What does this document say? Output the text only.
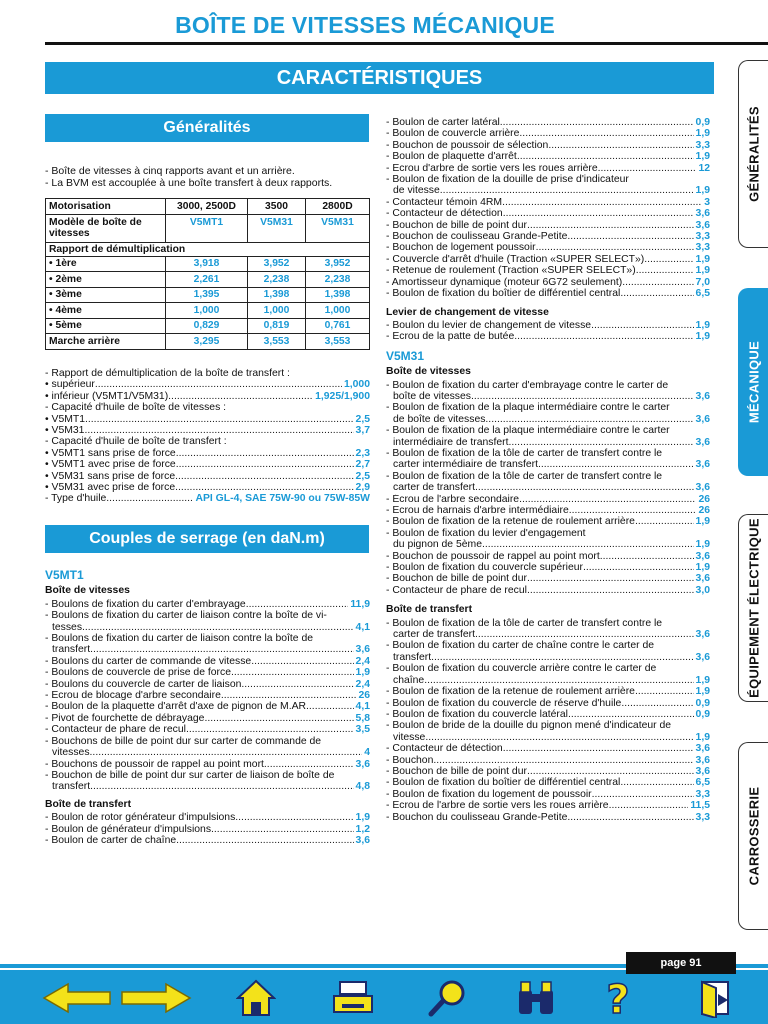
BOÎTE DE VITESSES MÉCANIQUE
CARACTÉRISTIQUES
Généralités
Couples de serrage (en daN.m)
- Boîte de vitesses à cinq rapports avant et un arrière.
- La BVM est accouplée à une boîte transfert à deux rapports.
Motorisation	3000, 2500D	3500	2800D
Modèle de boîte de vitesses	V5MT1	V5M31	V5M31
Rapport de démultiplication			
• 1ère	3,918	3,952	3,952
• 2ème	2,261	2,238	2,238
• 3ème	1,395	1,398	1,398
• 4ème	1,000	1,000	1,000
• 5ème	0,829	0,819	0,761
Marche arrière	3,295	3,553	3,553
- Rapport de démultiplication de la boîte de transfert :
• supérieur .....	1,000
• inférieur (V5MT1/V5M31) .....	1,925/1,900
- Capacité d'huile de boîte de vitesses :
• V5MT1 .....	2,5
• V5M31 .....	3,7
- Capacité d'huile de boîte de transfert :
• V5MT1 sans prise de force .....	2,3
• V5MT1 avec prise de force .....	2,7
• V5M31 sans prise de force .....	2,5
• V5M31 avec prise de force .....	2,9
- Type d'huile............ .....	API GL-4, SAE 75W-90 ou 75W-85W
V5MT1
Boîte de vitesses
- Boulons de fixation du carter d'embrayage .....	11,9
- Boulons de fixation du carter de liaison contre la boîte de vi-
tesses .....	4,1
- Boulons de fixation du carter de liaison contre la boîte de
transfert .....	3,6
- Boulons du carter de commande de vitesse .....	2,4
- Boulons de couvercle de prise de force .....	1,9
- Boulons du couvercle de carter de liaison .....	2,4
- Ecrou de blocage d'arbre secondaire .....	26
- Boulon de la plaquette d'arrêt d'axe de pignon de M.AR .....	4,1
- Pivot de fourchette de débrayage .....	5,8
- Contacteur de phare de recul .....	3,5
- Bouchons de bille de point dur sur carter de commande de
vitesses .....	4
- Bouchons de poussoir de rappel au point mort .....	3,6
- Bouchon de bille de point dur sur carter de liaison de boîte de
transfert .....	4,8
Boîte de transfert
- Boulon de rotor générateur d'impulsions .....	1,9
- Boulon de générateur d'impulsions .....	1,2
- Boulon de carter de chaîne .....	3,6
- Boulon de carter latéral .....	0,9
- Boulon de couvercle arrière .....	1,9
- Bouchon de poussoir de sélection .....	3,3
- Boulon de plaquette d'arrêt .....	1,9
- Ecrou d'arbre de sortie vers les roues arrière .....	12
- Boulon de fixation de la douille de prise d'indicateur
de vitesse .....	1,9
- Contacteur témoin 4RM .....	3
- Contacteur de détection .....	3,6
- Bouchon de bille de point dur .....	3,6
- Bouchon de coulisseau Grande-Petite .....	3,3
- Bouchon de logement poussoir .....	3,3
- Couvercle d'arrêt d'huile (Traction «SUPER SELECT») .....	1,9
- Retenue de roulement (Traction «SUPER SELECT») .....	1,9
- Amortisseur dynamique (moteur 6G72 seulement) .....	7,0
- Boulon de fixation du boîtier de différentiel central .....	6,5
Levier de changement de vitesse
- Boulon du levier de changement de vitesse .....	1,9
- Ecrou de la patte de butée .....	1,9
V5M31
Boîte de vitesses
- Boulon de fixation du carter d'embrayage contre le carter de
boîte de vitesses .....	3,6
- Boulon de fixation de la plaque intermédiaire contre le carter
de boîte de vitesses .....	3,6
- Boulon de fixation de la plaque intermédiaire contre le carter
intermédiaire de transfert .....	3,6
- Boulon de fixation de la tôle de carter de transfert contre le
carter intermédiaire de transfert .....	3,6
- Boulon de fixation de la tôle de carter de transfert contre le
carter de transfert .....	3,6
- Écrou de l'arbre secondaire .....	26
- Ecrou de harnais d'arbre intermédiaire .....	26
- Boulon de fixation de la retenue de roulement arrière .....	1,9
- Boulon de fixation du levier d'engagement
du pignon de 5ème .....	1,9
- Bouchon de poussoir de rappel au point mort .....	3,6
- Boulon de fixation du couvercle supérieur .....	1,9
- Bouchon de bille de point dur .....	3,6
- Contacteur de phare de recul .....	3,0
Boîte de transfert
- Boulon de fixation de la tôle de carter de transfert contre le
carter de transfert .....	3,6
- Boulon de fixation du carter de chaîne contre le carter de
transfert .....	3,6
- Boulon de fixation du couvercle arrière contre le carter de
chaîne .....	1,9
- Boulon de fixation de la retenue de roulement arrière .....	1,9
- Boulon de fixation du couvercle de réserve d'huile .....	0,9
- Boulon de fixation du couvercle latéral .....	0,9
- Boulon de bride de la douille du pignon mené d'indicateur de
vitesse .....	1,9
- Contacteur de détection .....	3,6
- Bouchon .....	3,6
- Bouchon de bille de point dur .....	3,6
- Boulon de fixation du boîtier de différentiel central .....	6,5
- Boulon de fixation du logement de poussoir .....	3,3
- Ecrou de l'arbre de sortie vers les roues arrière .....	11,5
- Bouchon du coulisseau Grande-Petite .....	3,3
GÉNÉRALITÉS
MÉCANIQUE
ÉQUIPEMENT ÉLECTRIQUE
CARROSSERIE
page 91
?
